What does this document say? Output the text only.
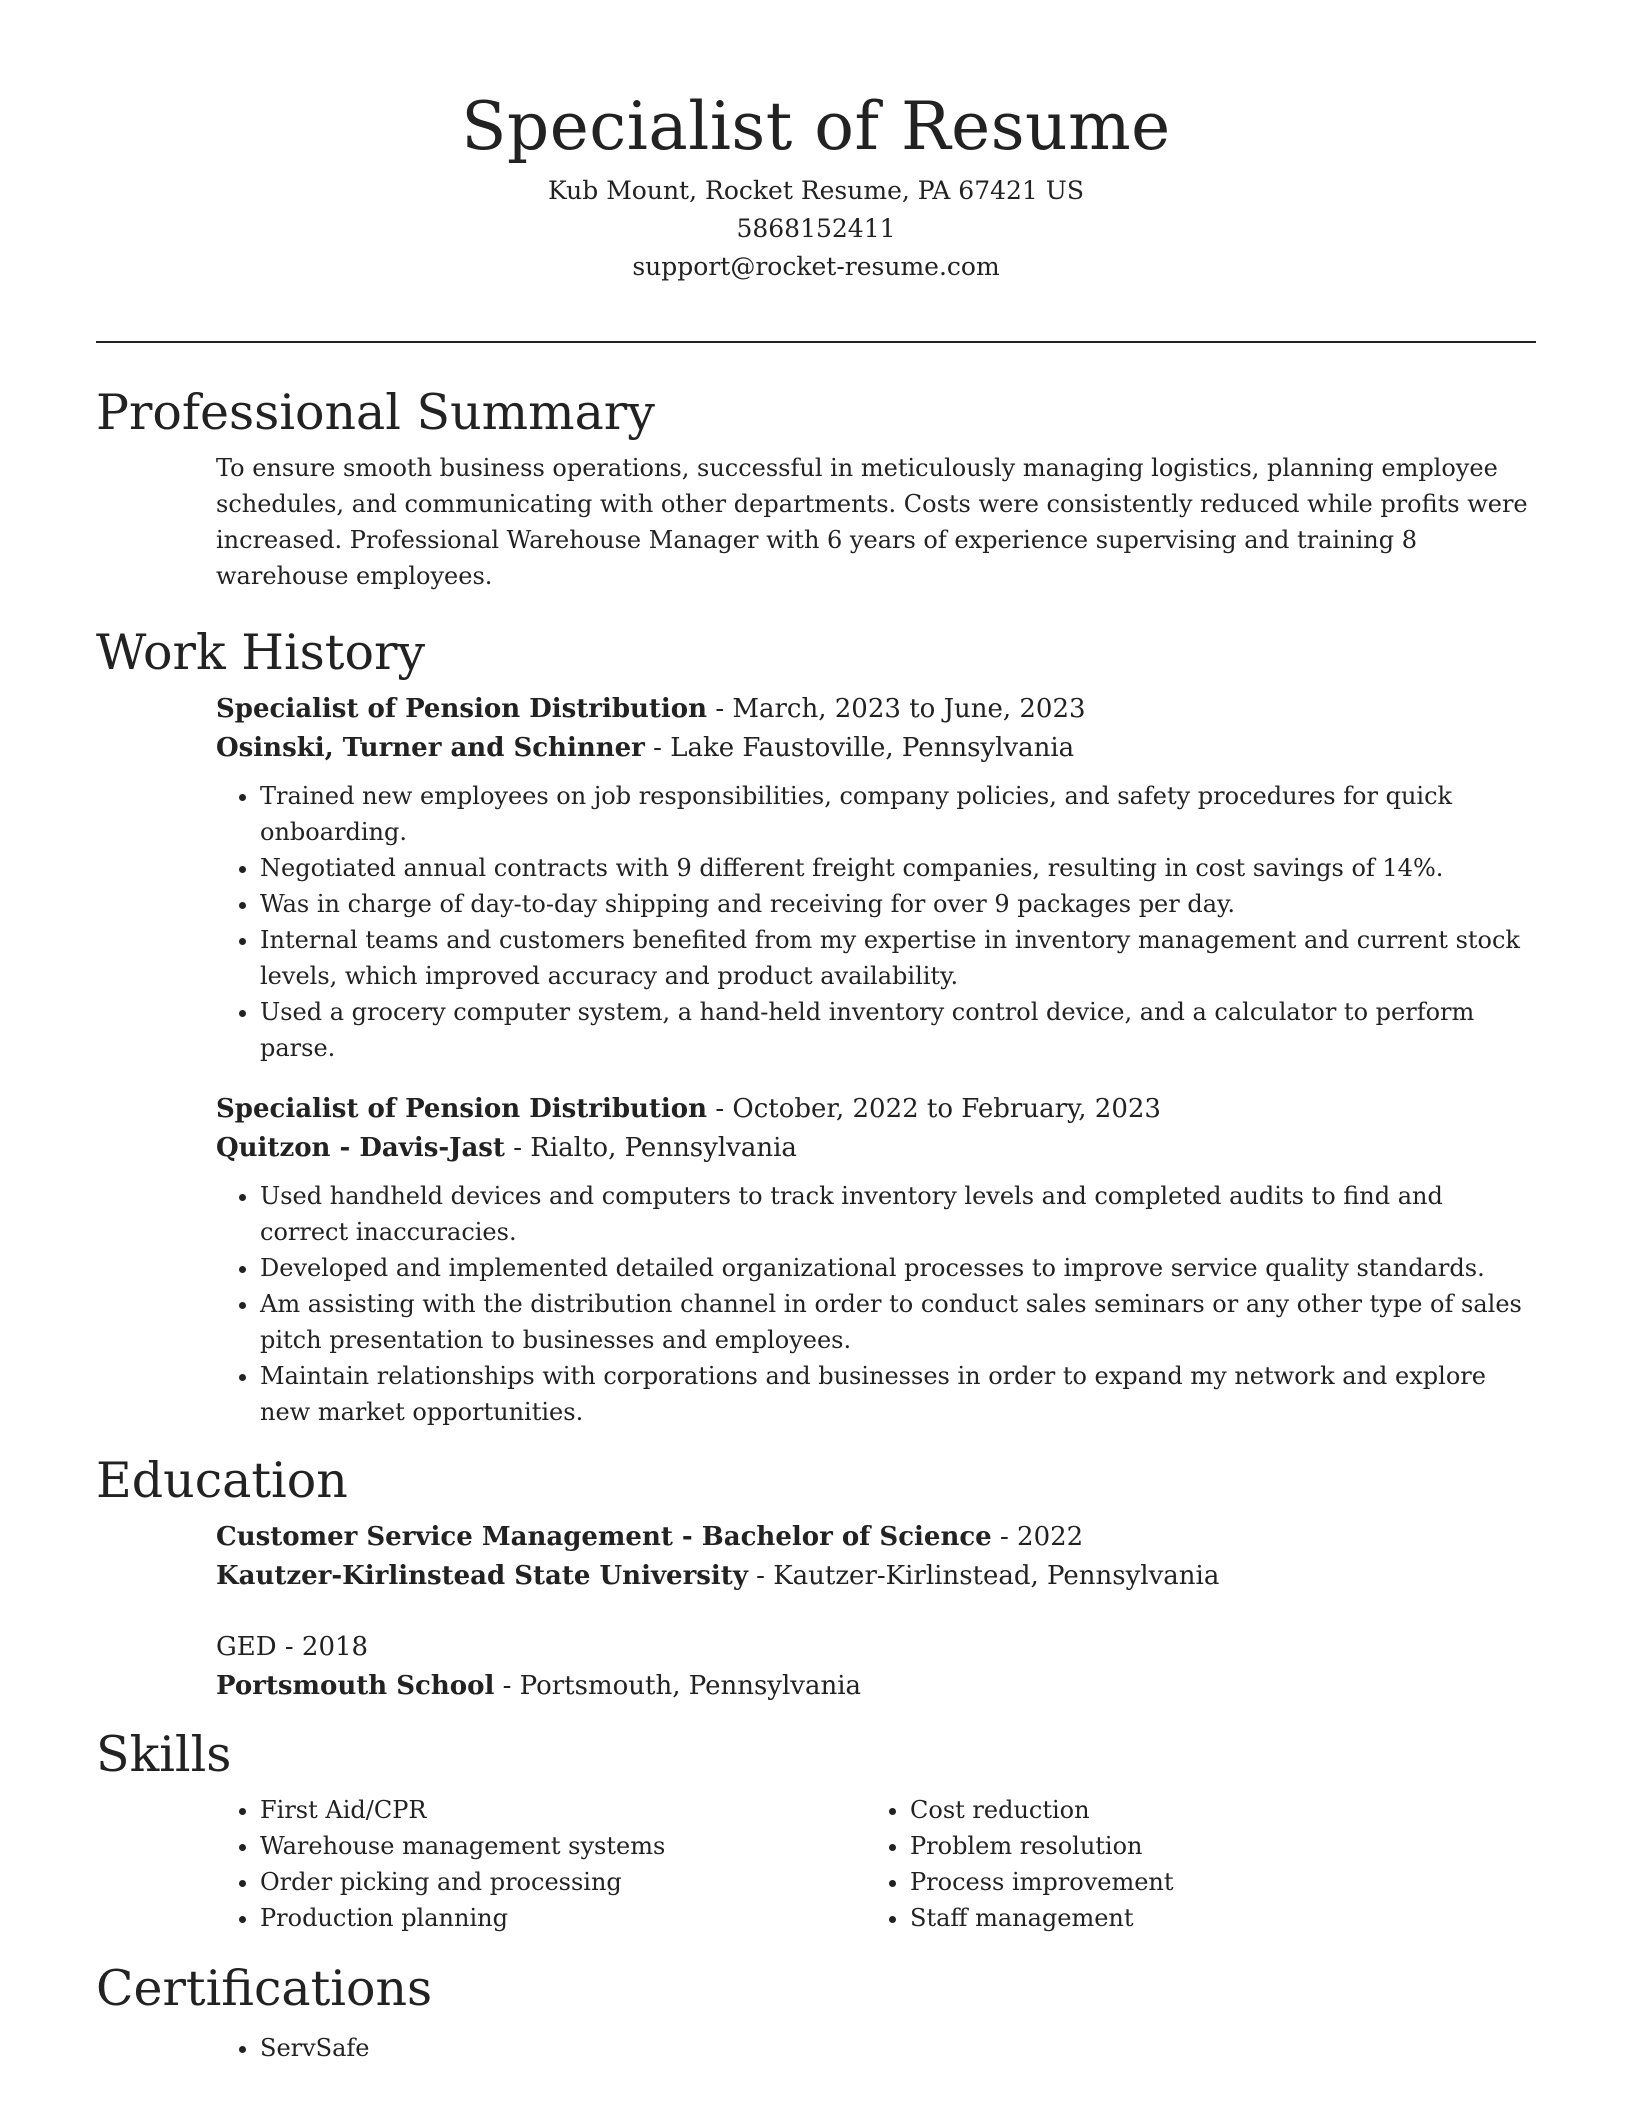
Specialist of Resume

Kub Mount, Rocket Resume, PA 67421 US

5868152411

support@rocket-resume.com

Professional Summary

To ensure smooth business operations, successful in meticulously managing logistics, planning employee schedules, and communicating with other departments. Costs were consistently reduced while profits were increased. Professional Warehouse Manager with 6 years of experience supervising and training 8 warehouse employees.

Work History

Specialist of Pension Distribution - March, 2023 to June, 2023

Osinski, Turner and Schinner - Lake Faustoville, Pennsylvania

• Trained new employees on job responsibilities, company policies, and safety procedures for quick onboarding.
• Negotiated annual contracts with 9 different freight companies, resulting in cost savings of 14%.
• Was in charge of day-to-day shipping and receiving for over 9 packages per day.
• Internal teams and customers benefited from my expertise in inventory management and current stock levels, which improved accuracy and product availability.
• Used a grocery computer system, a hand-held inventory control device, and a calculator to perform parse.

Specialist of Pension Distribution - October, 2022 to February, 2023

Quitzon - Davis-Jast - Rialto, Pennsylvania

• Used handheld devices and computers to track inventory levels and completed audits to find and correct inaccuracies.
• Developed and implemented detailed organizational processes to improve service quality standards.
• Am assisting with the distribution channel in order to conduct sales seminars or any other type of sales pitch presentation to businesses and employees.
• Maintain relationships with corporations and businesses in order to expand my network and explore new market opportunities.
Education

Customer Service Management - Bachelor of Science - 2022

Kautzer-Kirlinstead State University - Kautzer-Kirlinstead, Pennsylvania

GED - 2018

Portsmouth School - Portsmouth, Pennsylvania

Skills
• First Aid/CPR
• Warehouse management systems
• Order picking and processing
• Production planning
• Cost reduction
• Problem resolution
• Process improvement
• Staff management
Certifications
• ServSafe
